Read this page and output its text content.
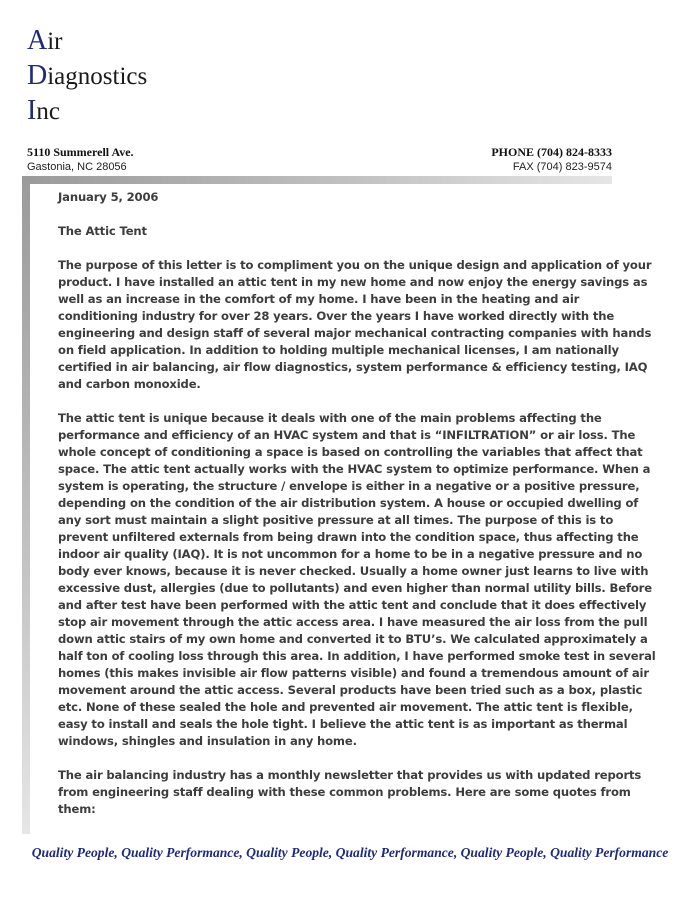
Air
Diagnostics
Inc
5110 Summerell Ave.
Gastonia, NC 28056
PHONE (704) 824-8333
FAX (704) 823-9574

January 5, 2006

The Attic Tent

The purpose of this letter is to compliment you on the unique design and application of your product. I have installed an attic tent in my new home and now enjoy the energy savings as well as an increase in the comfort of my home. I have been in the heating and air conditioning industry for over 28 years. Over the years I have worked directly with the engineering and design staff of several major mechanical contracting companies with hands on field application. In addition to holding multiple mechanical licenses, I am nationally certified in air balancing, air flow diagnostics, system performance & efficiency testing, IAQ and carbon monoxide.

The attic tent is unique because it deals with one of the main problems affecting the performance and efficiency of an HVAC system and that is “INFILTRATION” or air loss. The whole concept of conditioning a space is based on controlling the variables that affect that space. The attic tent actually works with the HVAC system to optimize performance. When a system is operating, the structure / envelope is either in a negative or a positive pressure, depending on the condition of the air distribution system. A house or occupied dwelling of any sort must maintain a slight positive pressure at all times. The purpose of this is to prevent unfiltered externals from being drawn into the condition space, thus affecting the indoor air quality (IAQ). It is not uncommon for a home to be in a negative pressure and no body ever knows, because it is never checked. Usually a home owner just learns to live with excessive dust, allergies (due to pollutants) and even higher than normal utility bills. Before and after test have been performed with the attic tent and conclude that it does effectively stop air movement through the attic access area. I have measured the air loss from the pull down attic stairs of my own home and converted it to BTU’s. We calculated approximately a half ton of cooling loss through this area. In addition, I have performed smoke test in several homes (this makes invisible air flow patterns visible) and found a tremendous amount of air movement around the attic access. Several products have been tried such as a box, plastic etc. None of these sealed the hole and prevented air movement. The attic tent is flexible, easy to install and seals the hole tight. I believe the attic tent is as important as thermal windows, shingles and insulation in any home.

The air balancing industry has a monthly newsletter that provides us with updated reports from engineering staff dealing with these common problems. Here are some quotes from them:

Quality People, Quality Performance, Quality People, Quality Performance, Quality People, Quality Performance
